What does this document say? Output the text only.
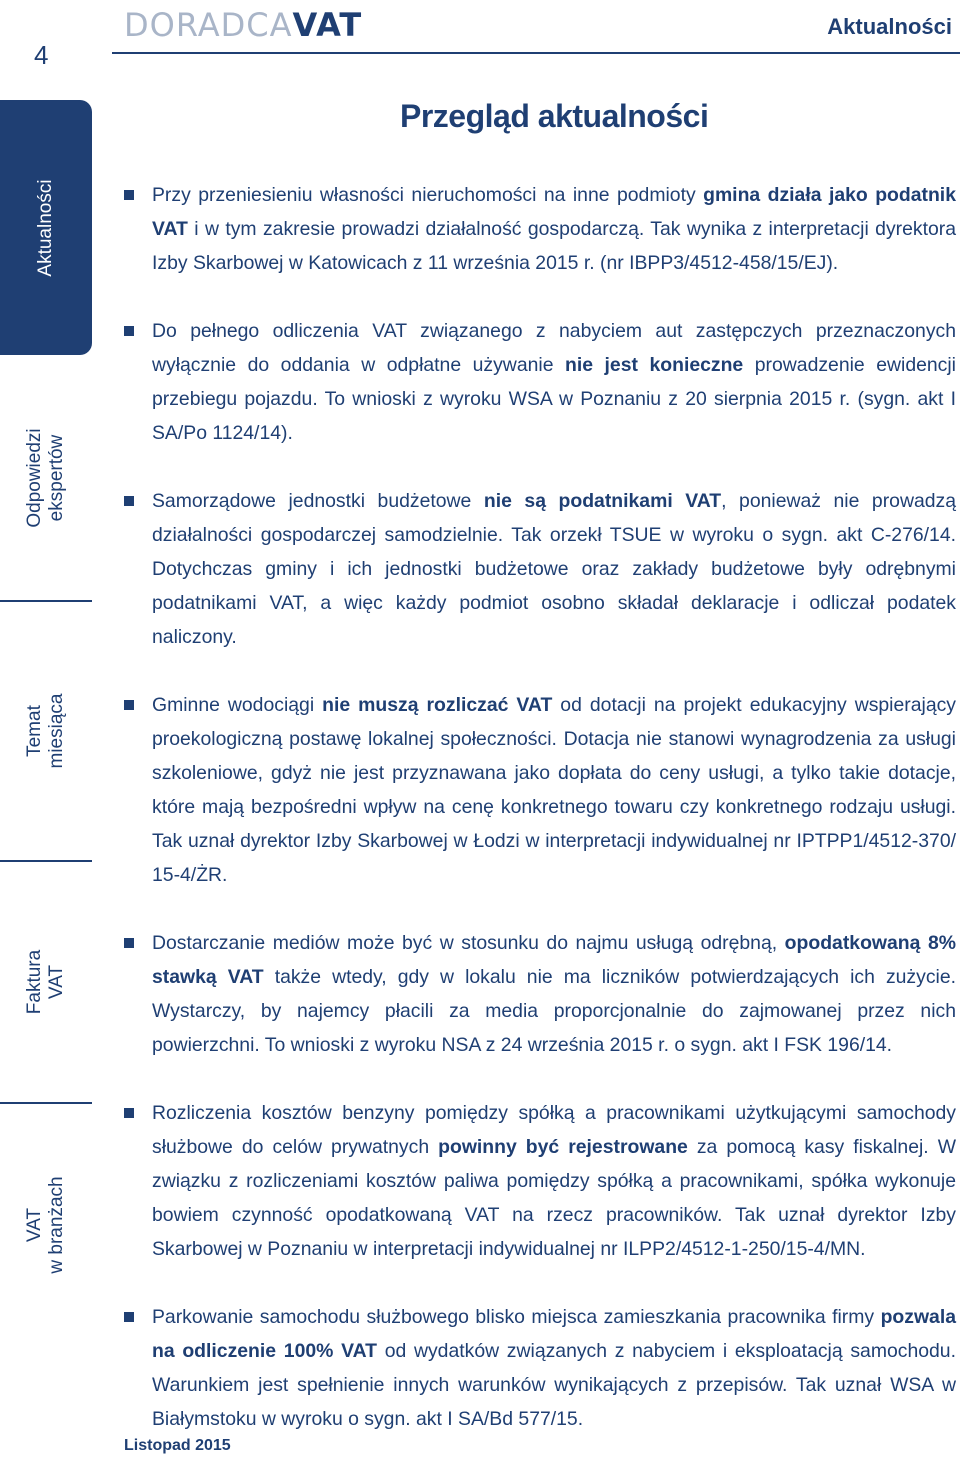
4
DORADCAVAT	Aktualności
Aktualności
Odpowiedzi
ekspertów
Temat
miesiąca
Faktura
VAT
VAT
w branżach
Przegląd aktualności
Przy przeniesieniu własności nieruchomości na inne podmioty gmina działa jako podatnik VAT i w tym zakresie prowadzi działalność gospodarczą. Tak wynika z interpretacji dyrektora Izby Skarbowej w Katowicach z 11 września 2015 r. (nr IBPP3/4512-458/15/EJ).
Do pełnego odliczenia VAT związanego z nabyciem aut zastępczych przeznaczonych wyłącznie do oddania w odpłatne używanie nie jest konieczne prowadzenie ewidencji przebiegu pojazdu. To wnioski z wyroku WSA w Poznaniu z 20 sierpnia 2015 r. (sygn. akt I SA/Po 1124/14).
Samorządowe jednostki budżetowe nie są podatnikami VAT, ponieważ nie prowadzą działalności gospodarczej samodzielnie. Tak orzekł TSUE w wyroku o sygn. akt C-276/14. Dotychczas gminy i ich jednostki budżetowe oraz zakłady budżetowe były odrębnymi podatnikami VAT, a więc każdy podmiot osobno składał deklaracje i odliczał podatek naliczony.
Gminne wodociągi nie muszą rozliczać VAT od dotacji na projekt edukacyjny wspierający proekologiczną postawę lokalnej społeczności. Dotacja nie stanowi wynagrodzenia za usługi szkoleniowe, gdyż nie jest przyznawana jako dopłata do ceny usługi, a tylko takie dotacje, które mają bezpośredni wpływ na cenę konkretnego towaru czy konkretnego rodzaju usługi. Tak uznał dyrektor Izby Skarbowej w Łodzi w interpretacji indywidualnej nr IPTPP1/4512-370/ 15-4/ŻR.
Dostarczanie mediów może być w stosunku do najmu usługą odrębną, opodatkowaną 8% stawką VAT także wtedy, gdy w lokalu nie ma liczników potwierdzających ich zużycie. Wystarczy, by najemcy płacili za media proporcjonalnie do zajmowanej przez nich powierzchni. To wnioski z wyroku NSA z 24 września 2015 r. o sygn. akt I FSK 196/14.
Rozliczenia kosztów benzyny pomiędzy spółką a pracownikami użytkującymi samochody służbowe do celów prywatnych powinny być rejestrowane za pomocą kasy fiskalnej. W związku z rozliczeniami kosztów paliwa pomiędzy spółką a pracownikami, spółka wykonuje bowiem czynność opodatkowaną VAT na rzecz pracowników. Tak uznał dyrektor Izby Skarbowej w Poznaniu w interpretacji indywidualnej nr ILPP2/4512-1-250/15-4/MN.
Parkowanie samochodu służbowego blisko miejsca zamieszkania pracownika firmy pozwala na odliczenie 100% VAT od wydatków związanych z nabyciem i eksploatacją samochodu. Warunkiem jest spełnienie innych warunków wynikających z przepisów. Tak uznał WSA w Białymstoku w wyroku o sygn. akt I SA/Bd 577/15.
Listopad 2015
